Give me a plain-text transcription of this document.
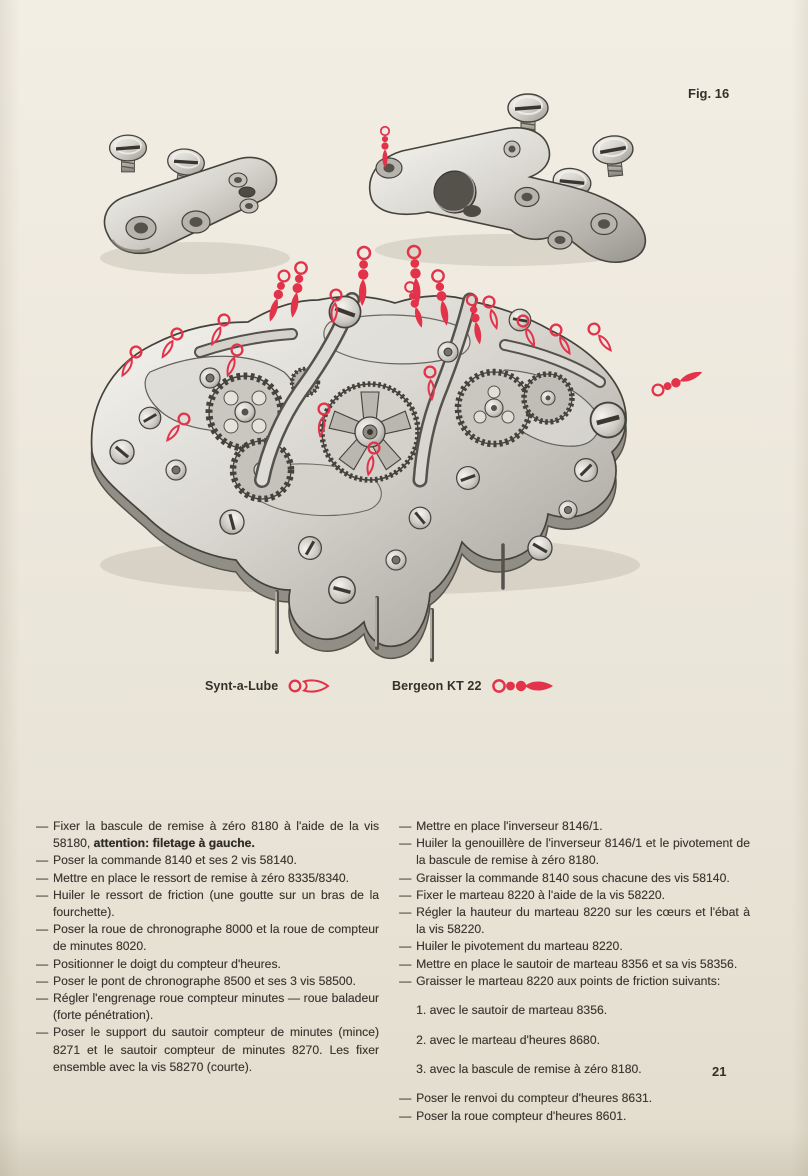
Fig. 16
Synt-a-Lube	Bergeon KT 22

— Fixer la bascule de remise à zéro 8180 à l'aide de la vis 58180, attention: filetage à gauche.

— Poser la commande 8140 et ses 2 vis 58140.

— Mettre en place le ressort de remise à zéro 8335/8340.

— Huiler le ressort de friction (une goutte sur un bras de la fourchette).

— Poser la roue de chronographe 8000 et la roue de compteur de minutes 8020.

— Positionner le doigt du compteur d'heures.

— Poser le pont de chronographe 8500 et ses 3 vis 58500.

— Régler l'engrenage roue compteur minutes — roue baladeur (forte pénétration).

— Poser le support du sautoir compteur de minutes (mince) 8271 et le sautoir compteur de minutes 8270. Les fixer ensemble avec la vis 58270 (courte).

— Mettre en place l'inverseur 8146/1.

— Huiler la genouillère de l'inverseur 8146/1 et le pivotement de la bascule de remise à zéro 8180.

— Graisser la commande 8140 sous chacune des vis 58140.

— Fixer le marteau 8220 à l'aide de la vis 58220.

— Régler la hauteur du marteau 8220 sur les cœurs et l'ébat à la vis 58220.

— Huiler le pivotement du marteau 8220.

— Mettre en place le sautoir de marteau 8356 et sa vis 58356.

— Graisser le marteau 8220 aux points de friction suivants:

1. avec le sautoir de marteau 8356.

2. avec le marteau d'heures 8680.

3. avec la bascule de remise à zéro 8180.

— Poser le renvoi du compteur d'heures 8631.

— Poser la roue compteur d'heures 8601.

21
